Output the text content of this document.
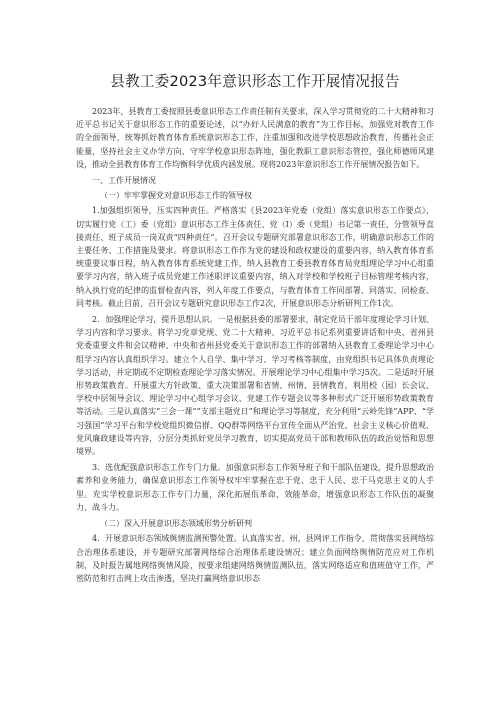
县教工委2023年意识形态工作开展情况报告

2023年，县教育工委按照县委意识形态工作责任制有关要求，深入学习贯彻党的二十大精神和习近平总书记关于意识形态工作的重要论述，以“办好人民满意的教育”为工作目标，加强党对教育工作的全面领导，统筹抓好教育体育系统意识形态工作，注重加强和改进学校思想政治教育，传播社会正能量，坚持社会主义办学方向，守牢学校意识形态阵地，强化教职工意识形态管控，强化师德师风建设，推动全县教育体育工作均衡科学优质内涵发展。现将2023年意识形态工作开展情况报告如下。

一、工作开展情况
（一）牢牢掌握党对意识形态工作的领导权

1.加强组织领导，压实四种责任。严格落实《县2023年党委（党组）落实意识形态工作要点》，切实履行党（工）委（党组）意识形态工作主体责任、党（I）委（党组）书记第一责任、分管领导直接责任、班子成员一岗双责“四种责任”。召开会议专题研究部署意识形态工作，明确意识形态工作的主要任务、工作措施及要求。将意识形态工作作为党的建设和政权建设的重要内容，纳入教育体育系统重要议事日程，纳入教育体育系统党建工作，纳入县教育工委县教育体育局党组理论学习中心组重要学习内容，纳入班子成员党建工作述职评议重要内容，纳入对学校和学校班子目标管理考核内容，纳入执行党的纪律的监督检查内容，列入年度工作要点，与教育体育工作同部署、同落实、同检查、同考核。截止目前，召开会议专题研究意识形态工作2次，开展意识形态分析研判工作1次。

2．加强理论学习，提升思想认识。一是根据县委的部署要求，制定党员干部年度理论学习计划、学习内容和学习要求。将学习党章党规、党二十大精神、习近平总书记系列重要讲话和中央、省州县党委重要文件和会议精神、中央和省州县党委关于意识形态工作的部署纳入县教育工委理论学习中心组学习内容认真组织学习。建立个人自学、集中学习、学习考核等制度，由党组织书记具体负责理论学习活动，并定期或不定期检查理论学习落实情况。开展理论学习中心组集中学习5次。二是适时开展形势政策教育。开展重大方针政策、重大决策部署和省情、州情、县情教育，利用校（园）长会议、学校中层领导会议、理论学习中心组学习会议、党建工作专题会议等多种形式广泛开展形势政策教育等活动。三是认真落实“三会一课”“支部主题党日”和理论学习等制度，充分利用“云岭先锋”APP、“学习强国”学习平台和学校党组织微信群、QQ群等网络平台宣传全面从严治党、社会主义核心价值观、党风廉政建设等内容，分层分类抓好党员学习教育，切实提高党员干部和教师队伍的政治觉悟和思想境界。

3．选优配强意识形态工作专门力量。加强意识形态工作领导班子和干部队伍建设，提升思想政治素养和业务能力，确保意识形态工作领导权牢牢掌握在忠于党、忠于人民、忠于马克思主义的人手里。充实学校意识形态工作专门力量，深化拓展佤革命、效能革命，增强意识形态工作队伍的凝聚力、战斗力。

（二）深入开展意识形态领域形势分析研判

4．开展意识形态领域舆情监测预警处置。认真落实省、州、县网评工作指令，贯彻落实县网络综合治理体系建设，并专题研究部署网络综合治理体系建设情况；建立负面网络舆情防范应对工作机制，及时报告属地网络舆情风险，按要求组建网络舆情监测队伍，落实网络适应和值班值守工作，严密防范和打击网上攻击渗透，坚决打赢网络意识形态
